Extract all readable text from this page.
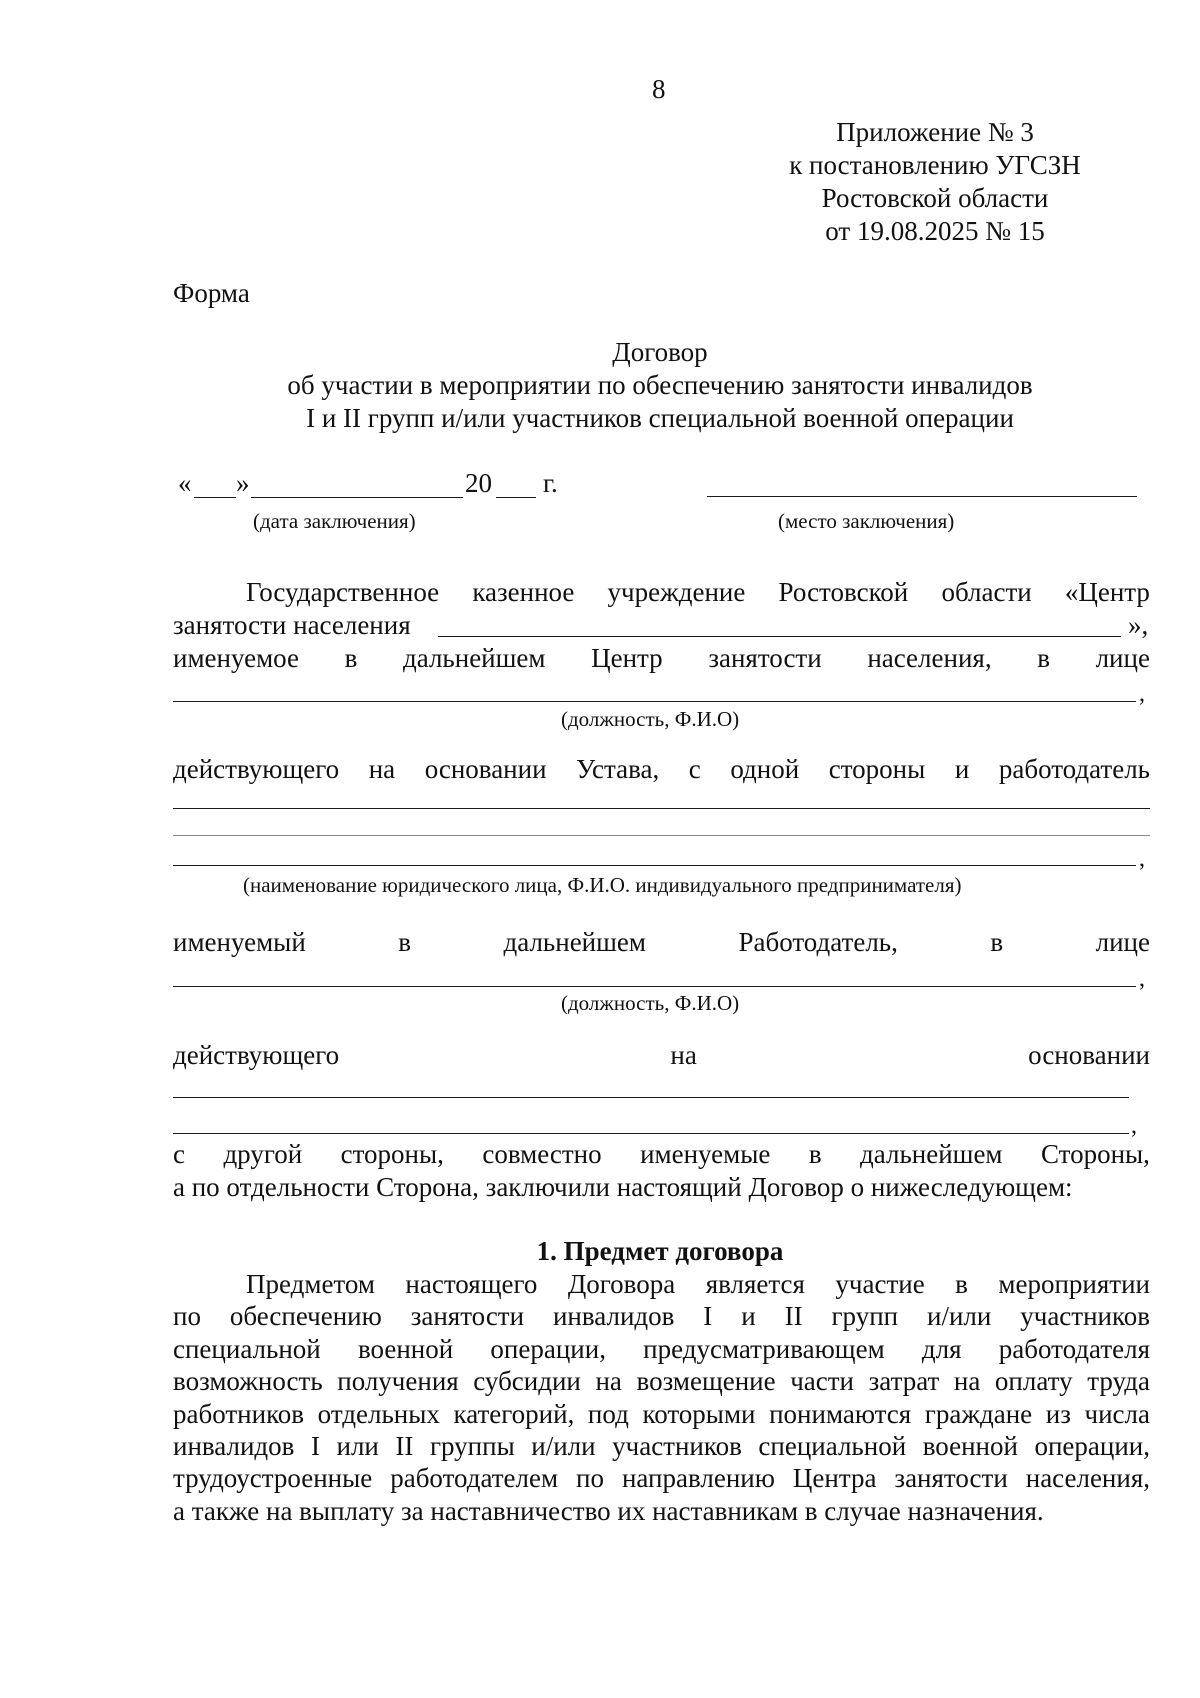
8
Приложение № 3
к постановлению УГСЗН
Ростовской области
от 19.08.2025 № 15
Форма
Договор
об участии в мероприятии по обеспечению занятости инвалидов
I и II групп и/или участников специальной военной операции
« »	20 г.
(дата заключения)	(место заключения)
Государственное казенное учреждение Ростовской области «Центр
занятости населения	»,
именуемое в дальнейшем Центр занятости населения, в лице
,
(должность, Ф.И.О)
действующего на основании Устава, с одной стороны и работодатель
,
(наименование юридического лица, Ф.И.О. индивидуального предпринимателя)
именуемый	в	дальнейшем	Работодатель,	в	лице
,
(должность, Ф.И.О)
действующего	на	основании
,
с другой стороны, совместно именуемые в дальнейшем Стороны,
а по отдельности Сторона, заключили настоящий Договор о нижеследующем:
1. Предмет договора
Предметом настоящего Договора является участие в мероприятии
по обеспечению занятости инвалидов I и II групп и/или участников
специальной военной операции, предусматривающем для работодателя
возможность получения субсидии на возмещение части затрат на оплату труда
работников отдельных категорий, под которыми понимаются граждане из числа
инвалидов I или II группы и/или участников специальной военной операции,
трудоустроенные работодателем по направлению Центра занятости населения,
а также на выплату за наставничество их наставникам в случае назначения.
